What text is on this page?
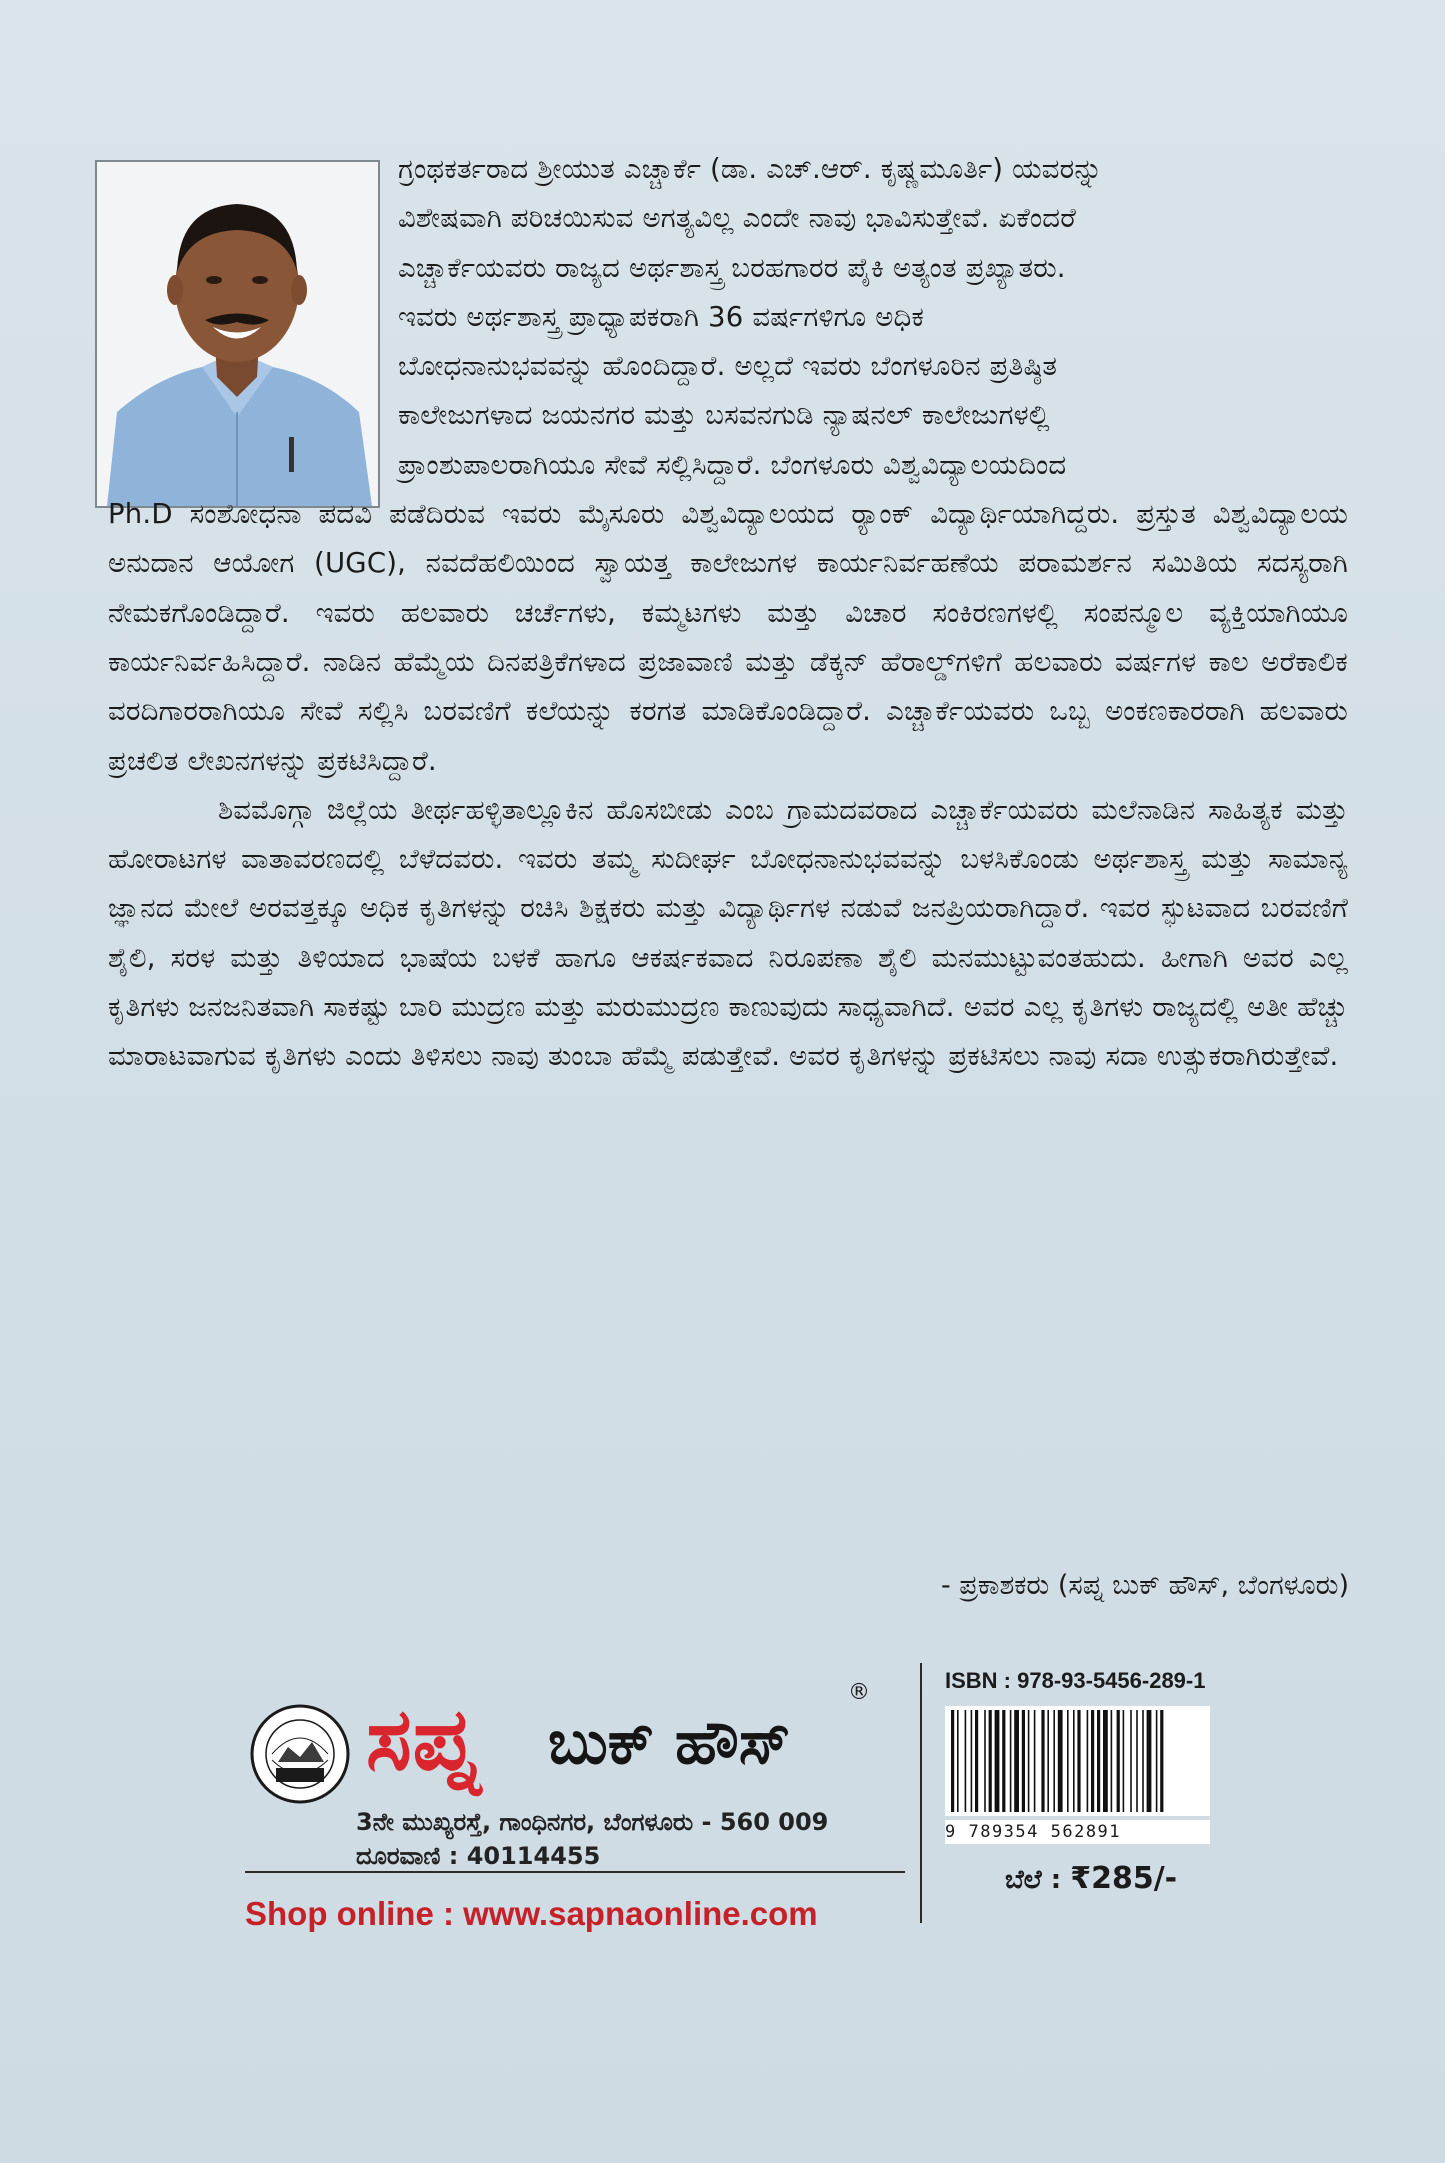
ಗ್ರಂಥಕರ್ತರಾದ ಶ್ರೀಯುತ ಎಚ್ಚಾರ್ಕೆ (ಡಾ. ಎಚ್.ಆರ್. ಕೃಷ್ಣಮೂರ್ತಿ) ಯವರನ್ನು
ವಿಶೇಷವಾಗಿ ಪರಿಚಯಿಸುವ ಅಗತ್ಯವಿಲ್ಲ ಎಂದೇ ನಾವು ಭಾವಿಸುತ್ತೇವೆ. ಏಕೆಂದರೆ
ಎಚ್ಚಾರ್ಕೆಯವರು ರಾಜ್ಯದ ಅರ್ಥಶಾಸ್ತ್ರ ಬರಹಗಾರರ ಪೈಕಿ ಅತ್ಯಂತ ಪ್ರಖ್ಯಾತರು.
ಇವರು ಅರ್ಥಶಾಸ್ತ್ರ ಪ್ರಾಧ್ಯಾಪಕರಾಗಿ 36 ವರ್ಷಗಳಿಗೂ ಅಧಿಕ
ಬೋಧನಾನುಭವವನ್ನು ಹೊಂದಿದ್ದಾರೆ. ಅಲ್ಲದೆ ಇವರು ಬೆಂಗಳೂರಿನ ಪ್ರತಿಷ್ಠಿತ
ಕಾಲೇಜುಗಳಾದ ಜಯನಗರ ಮತ್ತು ಬಸವನಗುಡಿ ನ್ಯಾಷನಲ್ ಕಾಲೇಜುಗಳಲ್ಲಿ
ಪ್ರಾಂಶುಪಾಲರಾಗಿಯೂ ಸೇವೆ ಸಲ್ಲಿಸಿದ್ದಾರೆ. ಬೆಂಗಳೂರು ವಿಶ್ವವಿದ್ಯಾಲಯದಿಂದ
Ph.D ಸಂಶೋಧನಾ ಪದವಿ ಪಡೆದಿರುವ ಇವರು ಮೈಸೂರು ವಿಶ್ವವಿದ್ಯಾಲಯದ ರ್‍ಯಾಂಕ್ ವಿದ್ಯಾರ್ಥಿಯಾಗಿದ್ದರು. ಪ್ರಸ್ತುತ ವಿಶ್ವವಿದ್ಯಾಲಯ ಅನುದಾನ ಆಯೋಗ (UGC), ನವದೆಹಲಿಯಿಂದ ಸ್ವಾಯತ್ತ ಕಾಲೇಜುಗಳ ಕಾರ್ಯನಿರ್ವಹಣೆಯ ಪರಾಮರ್ಶನ ಸಮಿತಿಯ ಸದಸ್ಯರಾಗಿ ನೇಮಕಗೊಂಡಿದ್ದಾರೆ. ಇವರು ಹಲವಾರು ಚರ್ಚೆಗಳು, ಕಮ್ಮಟಗಳು ಮತ್ತು ವಿಚಾರ ಸಂಕಿರಣಗಳಲ್ಲಿ ಸಂಪನ್ಮೂಲ ವ್ಯಕ್ತಿಯಾಗಿಯೂ ಕಾರ್ಯನಿರ್ವಹಿಸಿದ್ದಾರೆ. ನಾಡಿನ ಹೆಮ್ಮೆಯ ದಿನಪತ್ರಿಕೆಗಳಾದ ಪ್ರಜಾವಾಣಿ ಮತ್ತು ಡೆಕ್ಕನ್ ಹೆರಾಲ್ಡ್‌ಗಳಿಗೆ ಹಲವಾರು ವರ್ಷಗಳ ಕಾಲ ಅರೆಕಾಲಿಕ ವರದಿಗಾರರಾಗಿಯೂ ಸೇವೆ ಸಲ್ಲಿಸಿ ಬರವಣಿಗೆ ಕಲೆಯನ್ನು ಕರಗತ ಮಾಡಿಕೊಂಡಿದ್ದಾರೆ. ಎಚ್ಚಾರ್ಕೆಯವರು ಒಬ್ಬ ಅಂಕಣಕಾರರಾಗಿ ಹಲವಾರು ಪ್ರಚಲಿತ ಲೇಖನಗಳನ್ನು ಪ್ರಕಟಿಸಿದ್ದಾರೆ.

ಶಿವಮೊಗ್ಗಾ ಜಿಲ್ಲೆಯ ತೀರ್ಥಹಳ್ಳಿತಾಲ್ಲೂಕಿನ ಹೊಸಬೀಡು ಎಂಬ ಗ್ರಾಮದವರಾದ ಎಚ್ಚಾರ್ಕೆಯವರು ಮಲೆನಾಡಿನ ಸಾಹಿತ್ಯಕ ಮತ್ತು ಹೋರಾಟಗಳ ವಾತಾವರಣದಲ್ಲಿ ಬೆಳೆದವರು. ಇವರು ತಮ್ಮ ಸುದೀರ್ಘ ಬೋಧನಾನುಭವವನ್ನು ಬಳಸಿಕೊಂಡು ಅರ್ಥಶಾಸ್ತ್ರ ಮತ್ತು ಸಾಮಾನ್ಯ ಜ್ಞಾನದ ಮೇಲೆ ಅರವತ್ತಕ್ಕೂ ಅಧಿಕ ಕೃತಿಗಳನ್ನು ರಚಿಸಿ ಶಿಕ್ಷಕರು ಮತ್ತು ವಿದ್ಯಾರ್ಥಿಗಳ ನಡುವೆ ಜನಪ್ರಿಯರಾಗಿದ್ದಾರೆ. ಇವರ ಸ್ಫುಟವಾದ ಬರವಣಿಗೆ ಶೈಲಿ, ಸರಳ ಮತ್ತು ತಿಳಿಯಾದ ಭಾಷೆಯ ಬಳಕೆ ಹಾಗೂ ಆಕರ್ಷಕವಾದ ನಿರೂಪಣಾ ಶೈಲಿ ಮನಮುಟ್ಟುವಂತಹುದು. ಹೀಗಾಗಿ ಅವರ ಎಲ್ಲ ಕೃತಿಗಳು ಜನಜನಿತವಾಗಿ ಸಾಕಷ್ಟು ಬಾರಿ ಮುದ್ರಣ ಮತ್ತು ಮರುಮುದ್ರಣ ಕಾಣುವುದು ಸಾಧ್ಯವಾಗಿದೆ. ಅವರ ಎಲ್ಲ ಕೃತಿಗಳು ರಾಜ್ಯದಲ್ಲಿ ಅತೀ ಹೆಚ್ಚು ಮಾರಾಟವಾಗುವ ಕೃತಿಗಳು ಎಂದು ತಿಳಿಸಲು ನಾವು ತುಂಬಾ ಹೆಮ್ಮೆ ಪಡುತ್ತೇವೆ. ಅವರ ಕೃತಿಗಳನ್ನು ಪ್ರಕಟಿಸಲು ನಾವು ಸದಾ ಉತ್ಸುಕರಾಗಿರುತ್ತೇವೆ.

- ಪ್ರಕಾಶಕರು (ಸಪ್ನ ಬುಕ್ ಹೌಸ್, ಬೆಂಗಳೂರು)
ಸಪ್ನ ಬುಕ್ ಹೌಸ್
®
3ನೇ ಮುಖ್ಯರಸ್ತೆ, ಗಾಂಧಿನಗರ, ಬೆಂಗಳೂರು - 560 009
ದೂರವಾಣಿ : 40114455
Shop online : www.sapnaonline.com
ISBN : 978-93-5456-289-1
9 789354 562891
ಬೆಲೆ : ₹285/-
